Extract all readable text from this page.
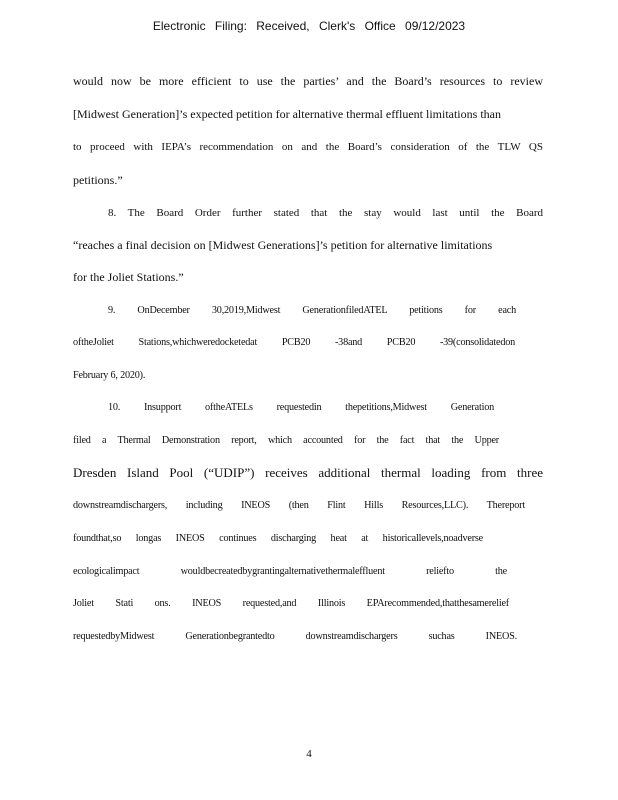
Electronic Filing: Received, Clerk's Office 09/12/2023
would now be more efficient to use the parties’ and the Board’s resources to review
[Midwest Generation]’s expected petition for alternative thermal effluent limitations than
to proceed with IEPA’s recommendation on and the Board’s consideration of the TLW QS
petitions.”
8. The Board Order further stated that the stay would last until the Board
“reaches a final decision on [Midwest Generations]’s petition for alternative limitations
for the Joliet Stations.”
9. OnDecember 30,2019,Midwest GenerationfiledATEL petitions for each
oftheJoliet Stations,whichweredocketedat PCB20 -38and PCB20 -39(consolidatedon
February 6, 2020).
10. Insupport oftheATELs requestedin thepetitions,Midwest Generation
filed a Thermal Demonstration report, which accounted for the fact that the Upper
Dresden Island Pool (“UDIP”) receives additional thermal loading from three
downstreamdischargers, including INEOS (then Flint Hills Resources,LLC). Thereport
foundthat,so longas INEOS continues discharging heat at historicallevels,noadverse
ecologicalimpact wouldbecreatedbygrantingalternativethermaleffluent reliefto the
Joliet Stati ons. INEOS requested,and Illinois EPArecommended,thatthesamerelief
requestedbyMidwest Generationbegrantedto downstreamdischargers suchas INEOS.
4
